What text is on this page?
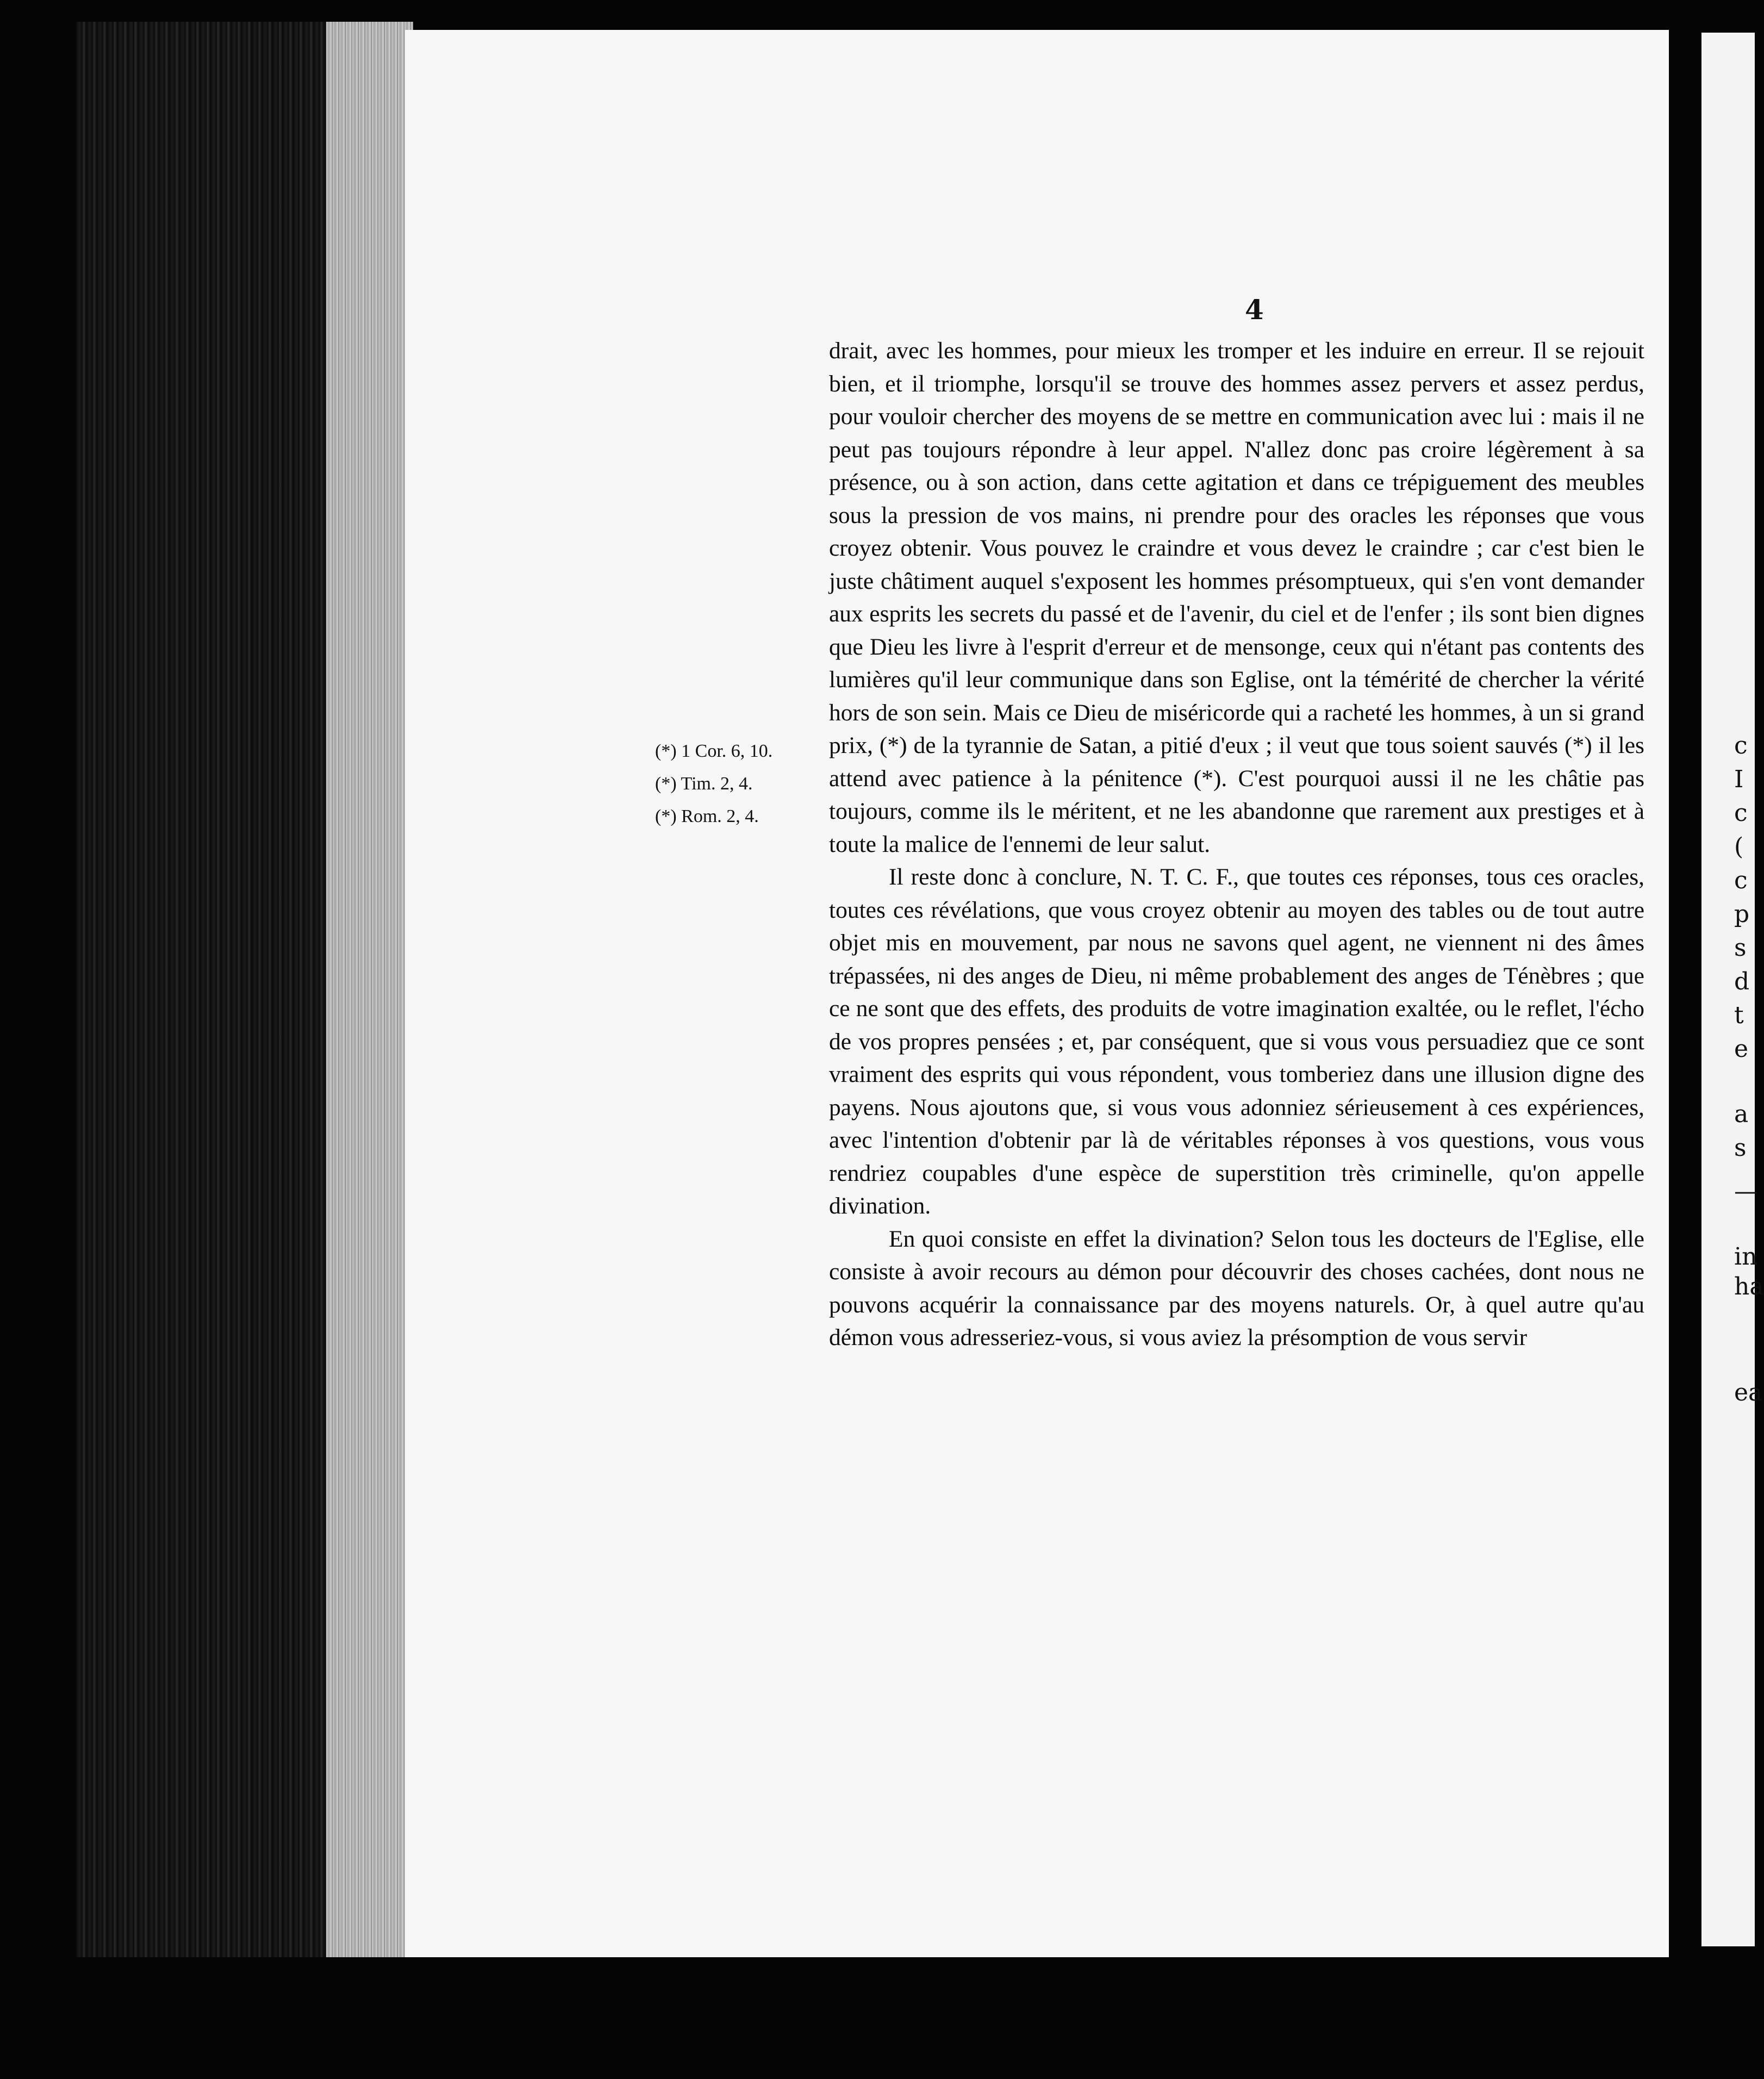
c
I
c
(
c
p
s
d
t
e
a
s
—
in
ha
ea
4
(*) 1 Cor. 6, 10.
(*) Tim. 2, 4.
(*) Rom. 2, 4.

drait, avec les hommes, pour mieux les tromper et les induire en erreur. Il se rejouit bien, et il triomphe, lorsqu'il se trouve des hommes assez pervers et assez perdus, pour vouloir chercher des moyens de se mettre en communication avec lui : mais il ne peut pas toujours répondre à leur appel. N'allez donc pas croire légèrement à sa présence, ou à son action, dans cette agitation et dans ce trépiguement des meubles sous la pression de vos mains, ni prendre pour des oracles les réponses que vous croyez obtenir. Vous pouvez le craindre et vous devez le craindre ; car c'est bien le juste châtiment auquel s'exposent les hommes présomptueux, qui s'en vont demander aux esprits les secrets du passé et de l'avenir, du ciel et de l'enfer ; ils sont bien dignes que Dieu les livre à l'esprit d'erreur et de mensonge, ceux qui n'étant pas contents des lumières qu'il leur communique dans son Eglise, ont la témérité de chercher la vérité hors de son sein. Mais ce Dieu de miséricorde qui a racheté les hommes, à un si grand prix, (*) de la tyrannie de Satan, a pitié d'eux ; il veut que tous soient sauvés (*) il les attend avec patience à la pénitence (*). C'est pourquoi aussi il ne les châtie pas toujours, comme ils le méritent, et ne les abandonne que rarement aux prestiges et à toute la malice de l'ennemi de leur salut.

Il reste donc à conclure, N. T. C. F., que toutes ces réponses, tous ces oracles, toutes ces révélations, que vous croyez obtenir au moyen des tables ou de tout autre objet mis en mouvement, par nous ne savons quel agent, ne viennent ni des âmes trépassées, ni des anges de Dieu, ni même probablement des anges de Ténèbres ; que ce ne sont que des effets, des produits de votre imagination exaltée, ou le reflet, l'écho de vos propres pensées ; et, par conséquent, que si vous vous persuadiez que ce sont vraiment des esprits qui vous répondent, vous tomberiez dans une illusion digne des payens. Nous ajoutons que, si vous vous adonniez sérieusement à ces expériences, avec l'intention d'obtenir par là de véritables réponses à vos questions, vous vous rendriez coupables d'une espèce de superstition très criminelle, qu'on appelle divination.

En quoi consiste en effet la divination? Selon tous les docteurs de l'Eglise, elle consiste à avoir recours au démon pour découvrir des choses cachées, dont nous ne pouvons acquérir la connaissance par des moyens naturels. Or, à quel autre qu'au démon vous adresseriez-vous, si vous aviez la présomption de vous servir
